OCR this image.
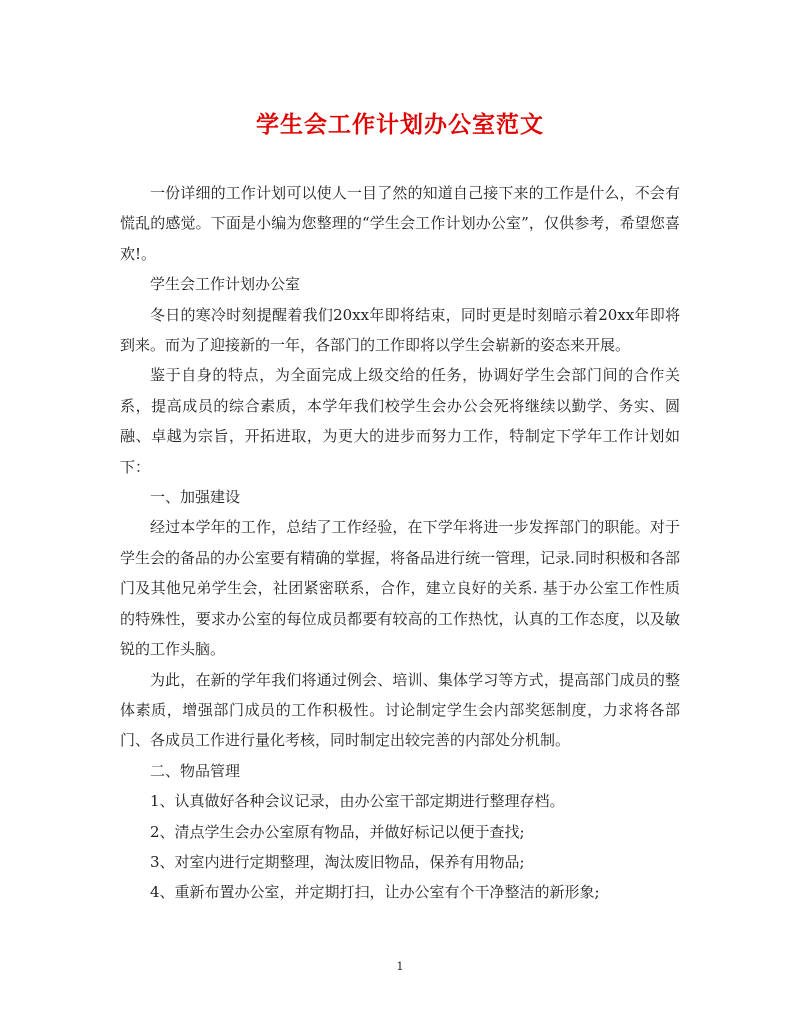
学生会工作计划办公室范文

一份详细的工作计划可以使人一目了然的知道自己接下来的工作是什么，不会有慌乱的感觉。下面是小编为您整理的“学生会工作计划办公室”，仅供参考，希望您喜欢!。

学生会工作计划办公室

冬日的寒冷时刻提醒着我们20xx年即将结束，同时更是时刻暗示着20xx年即将到来。而为了迎接新的一年，各部门的工作即将以学生会崭新的姿态来开展。

鉴于自身的特点，为全面完成上级交给的任务，协调好学生会部门间的合作关系，提高成员的综合素质，本学年我们校学生会办公会死将继续以勤学、务实、圆融、卓越为宗旨，开拓进取，为更大的进步而努力工作，特制定下学年工作计划如下：

一、加强建设

经过本学年的工作，总结了工作经验，在下学年将进一步发挥部门的职能。对于学生会的备品的办公室要有精确的掌握，将备品进行统一管理，记录.同时积极和各部门及其他兄弟学生会，社团紧密联系，合作，建立良好的关系. 基于办公室工作性质的特殊性，要求办公室的每位成员都要有较高的工作热忱，认真的工作态度，以及敏锐的工作头脑。

为此，在新的学年我们将通过例会、培训、集体学习等方式，提高部门成员的整体素质，增强部门成员的工作积极性。讨论制定学生会内部奖惩制度，力求将各部门、各成员工作进行量化考核，同时制定出较完善的内部处分机制。

二、物品管理

1、认真做好各种会议记录，由办公室干部定期进行整理存档。

2、清点学生会办公室原有物品，并做好标记以便于查找;

3、对室内进行定期整理，淘汰废旧物品，保养有用物品;

4、重新布置办公室，并定期打扫，让办公室有个干净整洁的新形象;

1
